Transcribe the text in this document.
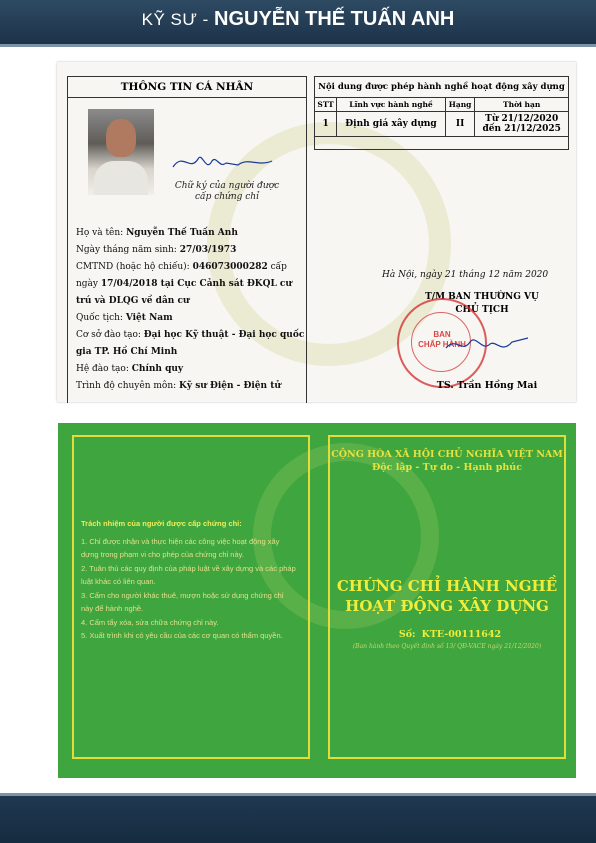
KỸ SƯ - NGUYỄN THẾ TUẤN ANH
THÔNG TIN CÁ NHÂN
Chữ ký của người được cấp chứng chỉ
Họ và tên: Nguyễn Thế Tuấn Anh
Ngày tháng năm sinh: 27/03/1973
CMTND (hoặc hộ chiếu): 046073000282 cấp
ngày 17/04/2018 tại Cục Cảnh sát ĐKQL cư
trú và DLQG về dân cư
Quốc tịch: Việt Nam
Cơ sở đào tạo: Đại học Kỹ thuật - Đại học quốc
gia TP. Hồ Chí Minh
Hệ đào tạo: Chính quy
Trình độ chuyên môn: Kỹ sư Điện - Điện tử
Nội dung được phép hành nghề hoạt động xây dựng
STT	Lĩnh vực hành nghề	Hạng	Thời hạn
1	Định giá xây dựng	II	Từ 21/12/2020
đến 21/12/2025
Hà Nội, ngày 21 tháng 12 năm 2020
T/M BAN THƯỜNG VỤ
CHỦ TỊCH
BAN
CHẤP HÀNH
TS. Trần Hồng Mai
Trách nhiệm của người được cấp chứng chỉ:
1. Chỉ được nhận và thực hiện các công việc hoạt động xây dựng trong phạm vi cho phép của chứng chỉ này.
2. Tuân thủ các quy định của pháp luật về xây dựng và các pháp luật khác có liên quan.
3. Cấm cho người khác thuê, mượn hoặc sử dụng chứng chỉ này để hành nghề.
4. Cấm tẩy xóa, sửa chữa chứng chỉ này.
5. Xuất trình khi có yêu cầu của các cơ quan có thẩm quyền.
CỘNG HÒA XÃ HỘI CHỦ NGHĨA VIỆT NAM
Độc lập - Tự do - Hạnh phúc
CHỨNG CHỈ HÀNH NGHỀ
HOẠT ĐỘNG XÂY DỰNG
Số: KTE-00111642
(Ban hành theo Quyết định số 13/ QĐ-VACE ngày 21/12/2020)
